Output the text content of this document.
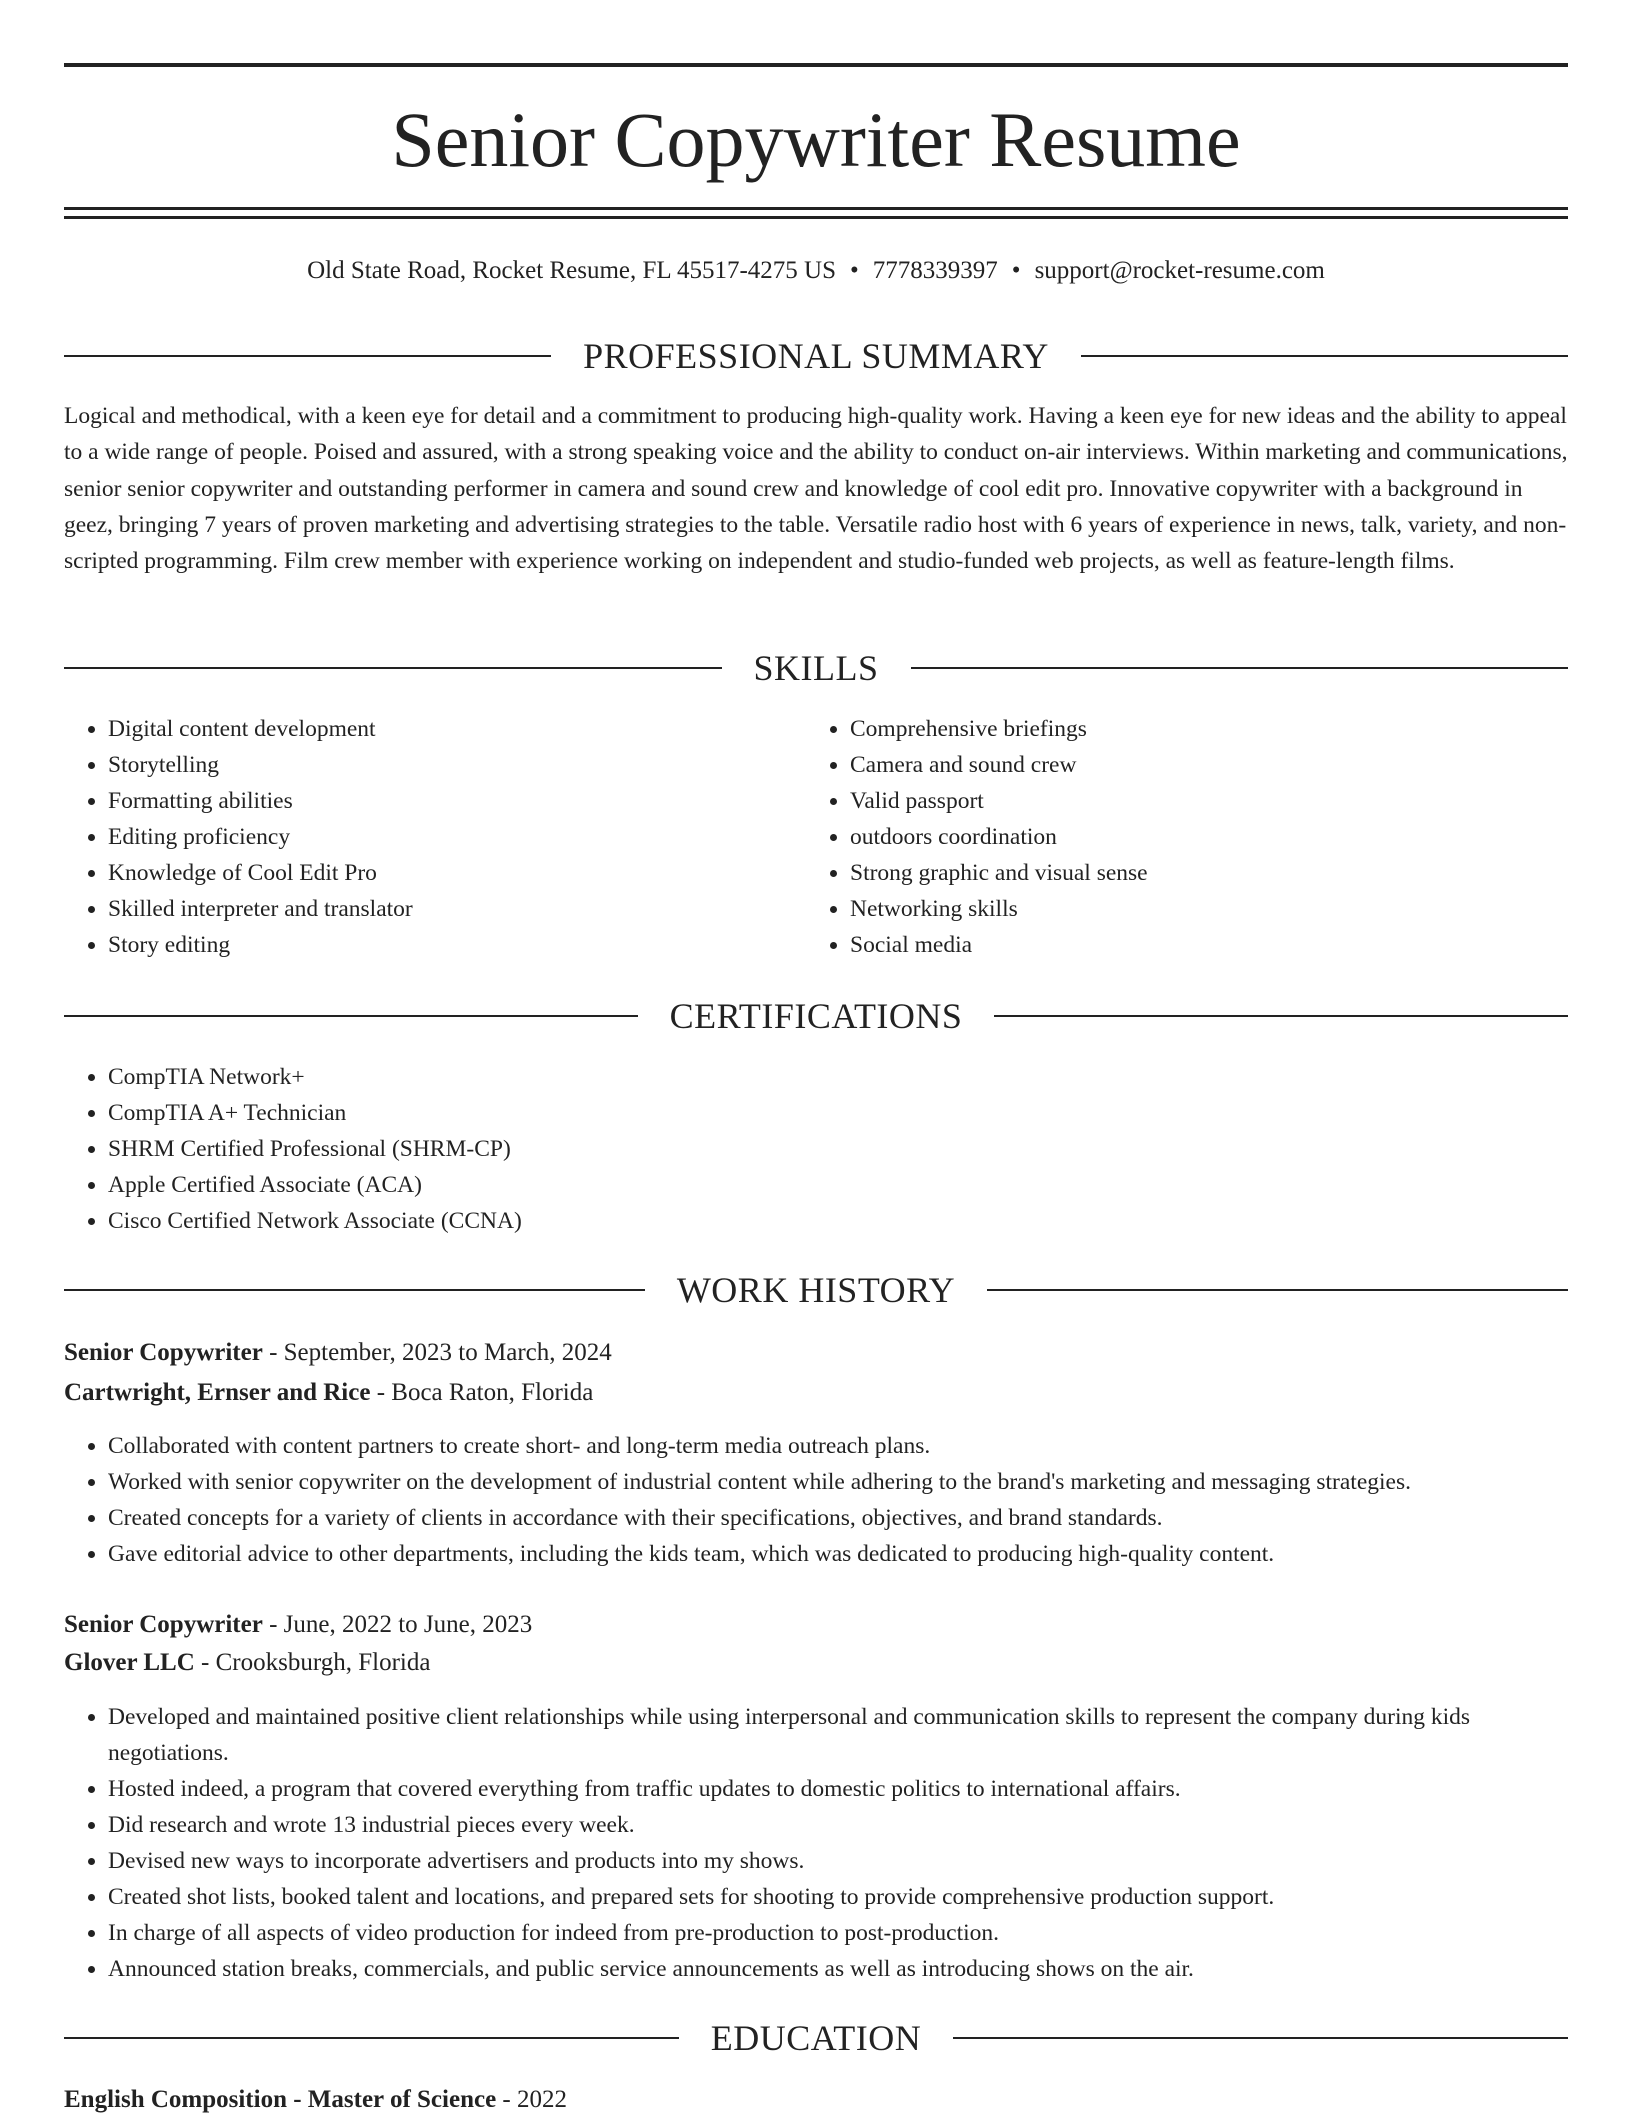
Senior Copywriter Resume
Old State Road, Rocket Resume, FL 45517-4275 US • 7778339397 • support@rocket-resume.com
PROFESSIONAL SUMMARY

Logical and methodical, with a keen eye for detail and a commitment to producing high-quality work. Having a keen eye for new ideas and the ability to appeal to a wide range of people. Poised and assured, with a strong speaking voice and the ability to conduct on-air interviews. Within marketing and communications, senior senior copywriter and outstanding performer in camera and sound crew and knowledge of cool edit pro. Innovative copywriter with a background in geez, bringing 7 years of proven marketing and advertising strategies to the table. Versatile radio host with 6 years of experience in news, talk, variety, and non-scripted programming. Film crew member with experience working on independent and studio-funded web projects, as well as feature-length films.

SKILLS
• Digital content development
• Storytelling
• Formatting abilities
• Editing proficiency
• Knowledge of Cool Edit Pro
• Skilled interpreter and translator
• Story editing
• Comprehensive briefings
• Camera and sound crew
• Valid passport
• outdoors coordination
• Strong graphic and visual sense
• Networking skills
• Social media
CERTIFICATIONS
• CompTIA Network+
• CompTIA A+ Technician
• SHRM Certified Professional (SHRM-CP)
• Apple Certified Associate (ACA)
• Cisco Certified Network Associate (CCNA)
WORK HISTORY
Senior Copywriter - September, 2023 to March, 2024
Cartwright, Ernser and Rice - Boca Raton, Florida
• Collaborated with content partners to create short- and long-term media outreach plans.
• Worked with senior copywriter on the development of industrial content while adhering to the brand's marketing and messaging strategies.
• Created concepts for a variety of clients in accordance with their specifications, objectives, and brand standards.
• Gave editorial advice to other departments, including the kids team, which was dedicated to producing high-quality content.
Senior Copywriter - June, 2022 to June, 2023
Glover LLC - Crooksburgh, Florida
• Developed and maintained positive client relationships while using interpersonal and communication skills to represent the company during kids negotiations.
• Hosted indeed, a program that covered everything from traffic updates to domestic politics to international affairs.
• Did research and wrote 13 industrial pieces every week.
• Devised new ways to incorporate advertisers and products into my shows.
• Created shot lists, booked talent and locations, and prepared sets for shooting to provide comprehensive production support.
• In charge of all aspects of video production for indeed from pre-production to post-production.
• Announced station breaks, commercials, and public service announcements as well as introducing shows on the air.
EDUCATION
English Composition - Master of Science - 2022
